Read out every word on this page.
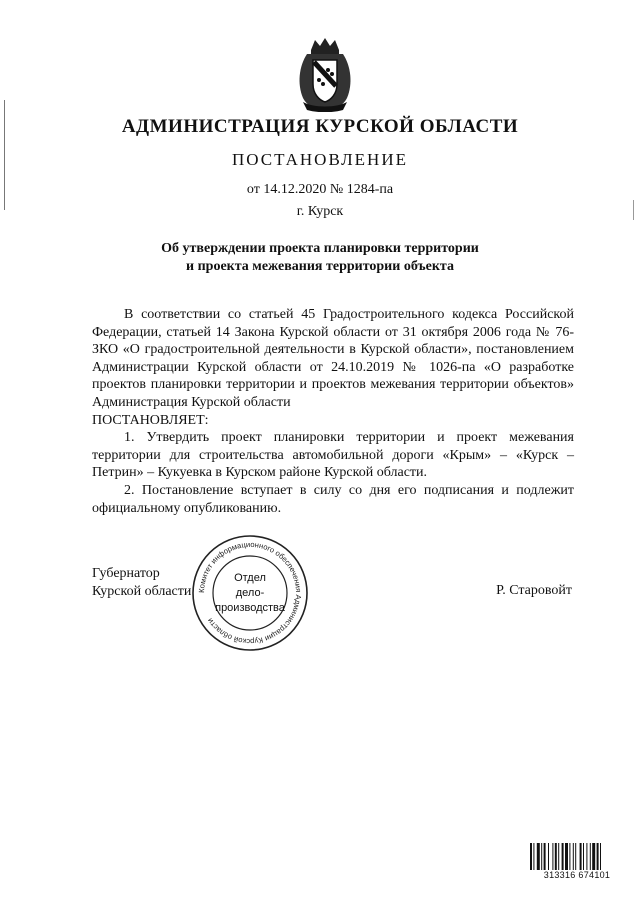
АДМИНИСТРАЦИЯ КУРСКОЙ ОБЛАСТИ
ПОСТАНОВЛЕНИЕ
от 14.12.2020 № 1284-па
г. Курск
Об утверждении проекта планировки территории
и проекта межевания территории объекта

В соответствии со статьей 45 Градостроительного кодекса Российской Федерации, статьей 14 Закона Курской области от 31 октября 2006 года № 76-ЗКО «О градостроительной деятельности в Курской области», постановлением Администрации Курской области от 24.10.2019 № 1026-па «О разработке проектов планировки территории и проектов межевания территории объектов» Администрация Курской области

ПОСТАНОВЛЯЕТ:

1. Утвердить проект планировки территории и проект межевания территории для строительства автомобильной дороги «Крым» – «Курск – Петрин» – Кукуевка в Курском районе Курской области.

2. Постановление вступает в силу со дня его подписания и подлежит официальному опубликованию.

Губернатор
Курской области Комитет информационного обеспечения Администрации Курской области
Отдел
дело-
производства
Р. Старовойт
313316 674101
